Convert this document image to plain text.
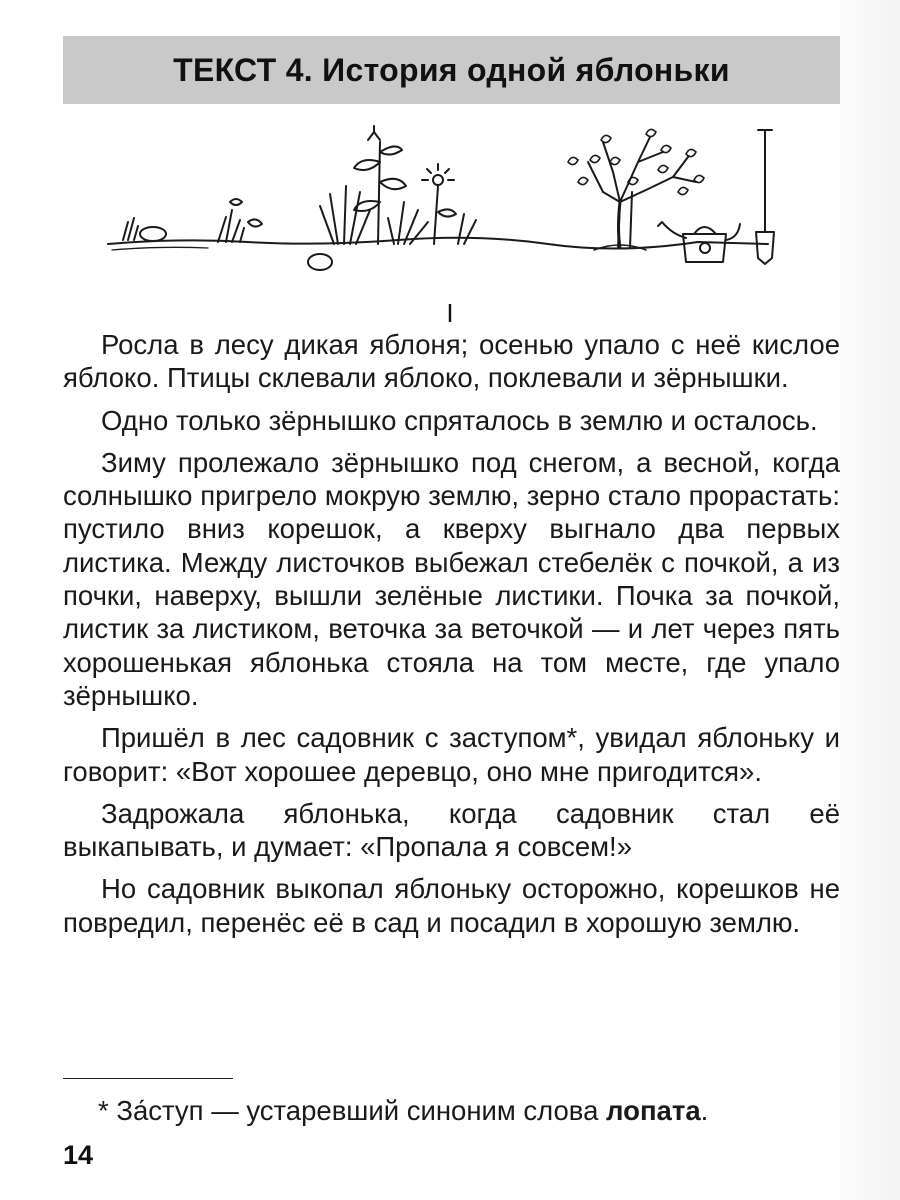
ТЕКСТ 4. История одной яблоньки
I

Росла в лесу дикая яблоня; осенью упало с неё кислое яблоко. Птицы склевали яблоко, поклевали и зёрнышки.

Одно только зёрнышко спряталось в землю и осталось.

Зиму пролежало зёрнышко под снегом, а весной, когда солнышко пригрело мокрую землю, зерно стало прорастать: пустило вниз корешок, а кверху выгнало два первых листика. Между листочков выбежал стебелёк с почкой, а из почки, наверху, вышли зелёные листики. Почка за почкой, листик за листиком, веточка за веточкой — и лет через пять хорошенькая яблонька стояла на том месте, где упало зёрнышко.

Пришёл в лес садовник с заступом*, увидал яблоньку и говорит: «Вот хорошее деревцо, оно мне пригодится».

Задрожала яблонька, когда садовник стал её выкапывать, и думает: «Пропала я совсем!»

Но садовник выкопал яблоньку осторожно, корешков не повредил, перенёс её в сад и посадил в хорошую землю.

* За́ступ — устаревший синоним слова лопата.
14
